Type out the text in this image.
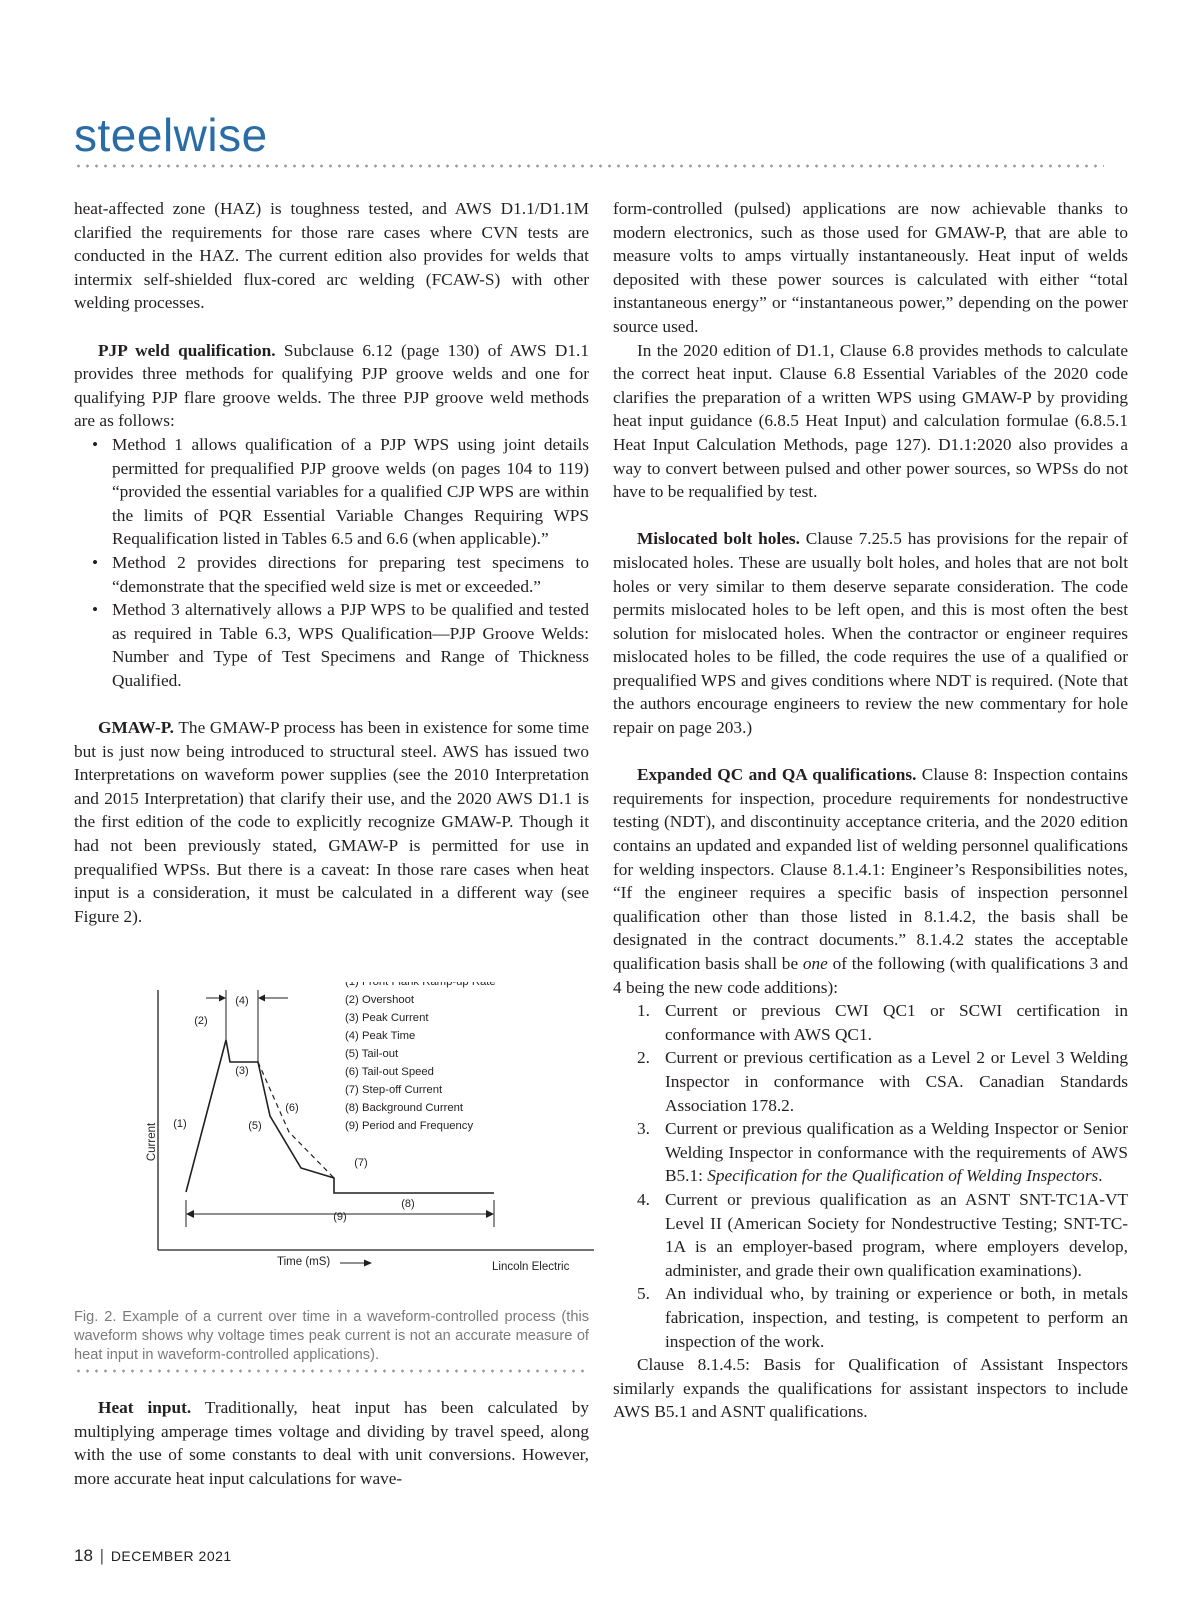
steelwise

heat-affected zone (HAZ) is toughness tested, and AWS D1.1/D1.1M clarified the requirements for those rare cases where CVN tests are conducted in the HAZ. The current edition also provides for welds that intermix self-shielded flux-cored arc welding (FCAW-S) with other welding processes.

PJP weld qualification. Subclause 6.12 (page 130) of AWS D1.1 provides three methods for qualifying PJP groove welds and one for qualifying PJP flare groove welds. The three PJP groove weld methods are as follows:

• Method 1 allows qualification of a PJP WPS using joint details permitted for prequalified PJP groove welds (on pages 104 to 119) “provided the essential variables for a qualified CJP WPS are within the limits of PQR Essential Variable Changes Requiring WPS Requalification listed in Tables 6.5 and 6.6 (when applicable).”
• Method 2 provides directions for preparing test specimens to “demonstrate that the specified weld size is met or exceeded.”
• Method 3 alternatively allows a PJP WPS to be qualified and tested as required in Table 6.3, WPS Qualification—PJP Groove Welds: Number and Type of Test Specimens and Range of Thickness Qualified.

GMAW-P. The GMAW-P process has been in existence for some time but is just now being introduced to structural steel. AWS has issued two Interpretations on waveform power supplies (see the 2010 Interpretation and 2015 Interpretation) that clarify their use, and the 2020 AWS D1.1 is the first edition of the code to explicitly recognize GMAW-P. Though it had not been previously stated, GMAW-P is permitted for use in prequalified WPSs. But there is a caveat: In those rare cases when heat input is a consideration, it must be calculated in a different way (see Figure 2).

(1)
(2)
(3)
(4)
(5)
(6)
(7)
(8)
(9)
(1) Front Flank Ramp-up Rate
(2) Overshoot
(3) Peak Current
(4) Peak Time
(5) Tail-out
(6) Tail-out Speed
(7) Step-off Current
(8) Background Current
(9) Period and Frequency
Current
Time (mS)	Lincoln Electric
Fig. 2. Example of a current over time in a waveform-controlled process (this waveform shows why voltage times peak current is not an accurate measure of heat input in waveform-controlled applications).

Heat input. Traditionally, heat input has been calculated by multiplying amperage times voltage and dividing by travel speed, along with the use of some constants to deal with unit conversions. However, more accurate heat input calculations for wave-

form-controlled (pulsed) applications are now achievable thanks to modern electronics, such as those used for GMAW-P, that are able to measure volts to amps virtually instantaneously. Heat input of welds deposited with these power sources is calculated with either “total instantaneous energy” or “instantaneous power,” depending on the power source used.

In the 2020 edition of D1.1, Clause 6.8 provides methods to calculate the correct heat input. Clause 6.8 Essential Variables of the 2020 code clarifies the preparation of a written WPS using GMAW-P by providing heat input guidance (6.8.5 Heat Input) and calculation formulae (6.8.5.1 Heat Input Calculation Methods, page 127). D1.1:2020 also provides a way to convert between pulsed and other power sources, so WPSs do not have to be requalified by test.

Mislocated bolt holes. Clause 7.25.5 has provisions for the repair of mislocated holes. These are usually bolt holes, and holes that are not bolt holes or very similar to them deserve separate consideration. The code permits mislocated holes to be left open, and this is most often the best solution for mislocated holes. When the contractor or engineer requires mislocated holes to be filled, the code requires the use of a qualified or prequalified WPS and gives conditions where NDT is required. (Note that the authors encourage engineers to review the new commentary for hole repair on page 203.)

Expanded QC and QA qualifications. Clause 8: Inspection contains requirements for inspection, procedure requirements for nondestructive testing (NDT), and discontinuity acceptance criteria, and the 2020 edition contains an updated and expanded list of welding personnel qualifications for welding inspectors. Clause 8.1.4.1: Engineer’s Responsibilities notes, “If the engineer requires a specific basis of inspection personnel qualification other than those listed in 8.1.4.2, the basis shall be designated in the contract documents.” 8.1.4.2 states the acceptable qualification basis shall be one of the following (with qualifications 3 and 4 being the new code additions):

1. Current or previous CWI QC1 or SCWI certification in conformance with AWS QC1.
2. Current or previous certification as a Level 2 or Level 3 Welding Inspector in conformance with CSA. Canadian Standards Association 178.2.
3. Current or previous qualification as a Welding Inspector or Senior Welding Inspector in conformance with the requirements of AWS B5.1: Specification for the Qualification of Welding Inspectors.
4. Current or previous qualification as an ASNT SNT-TC1A-VT Level II (American Society for Nondestructive Testing; SNT-TC-1A is an employer-based program, where employers develop, administer, and grade their own qualification examinations).
5. An individual who, by training or experience or both, in metals fabrication, inspection, and testing, is competent to perform an inspection of the work.

Clause 8.1.4.5: Basis for Qualification of Assistant Inspectors similarly expands the qualifications for assistant inspectors to include AWS B5.1 and ASNT qualifications.

18 | DECEMBER 2021
